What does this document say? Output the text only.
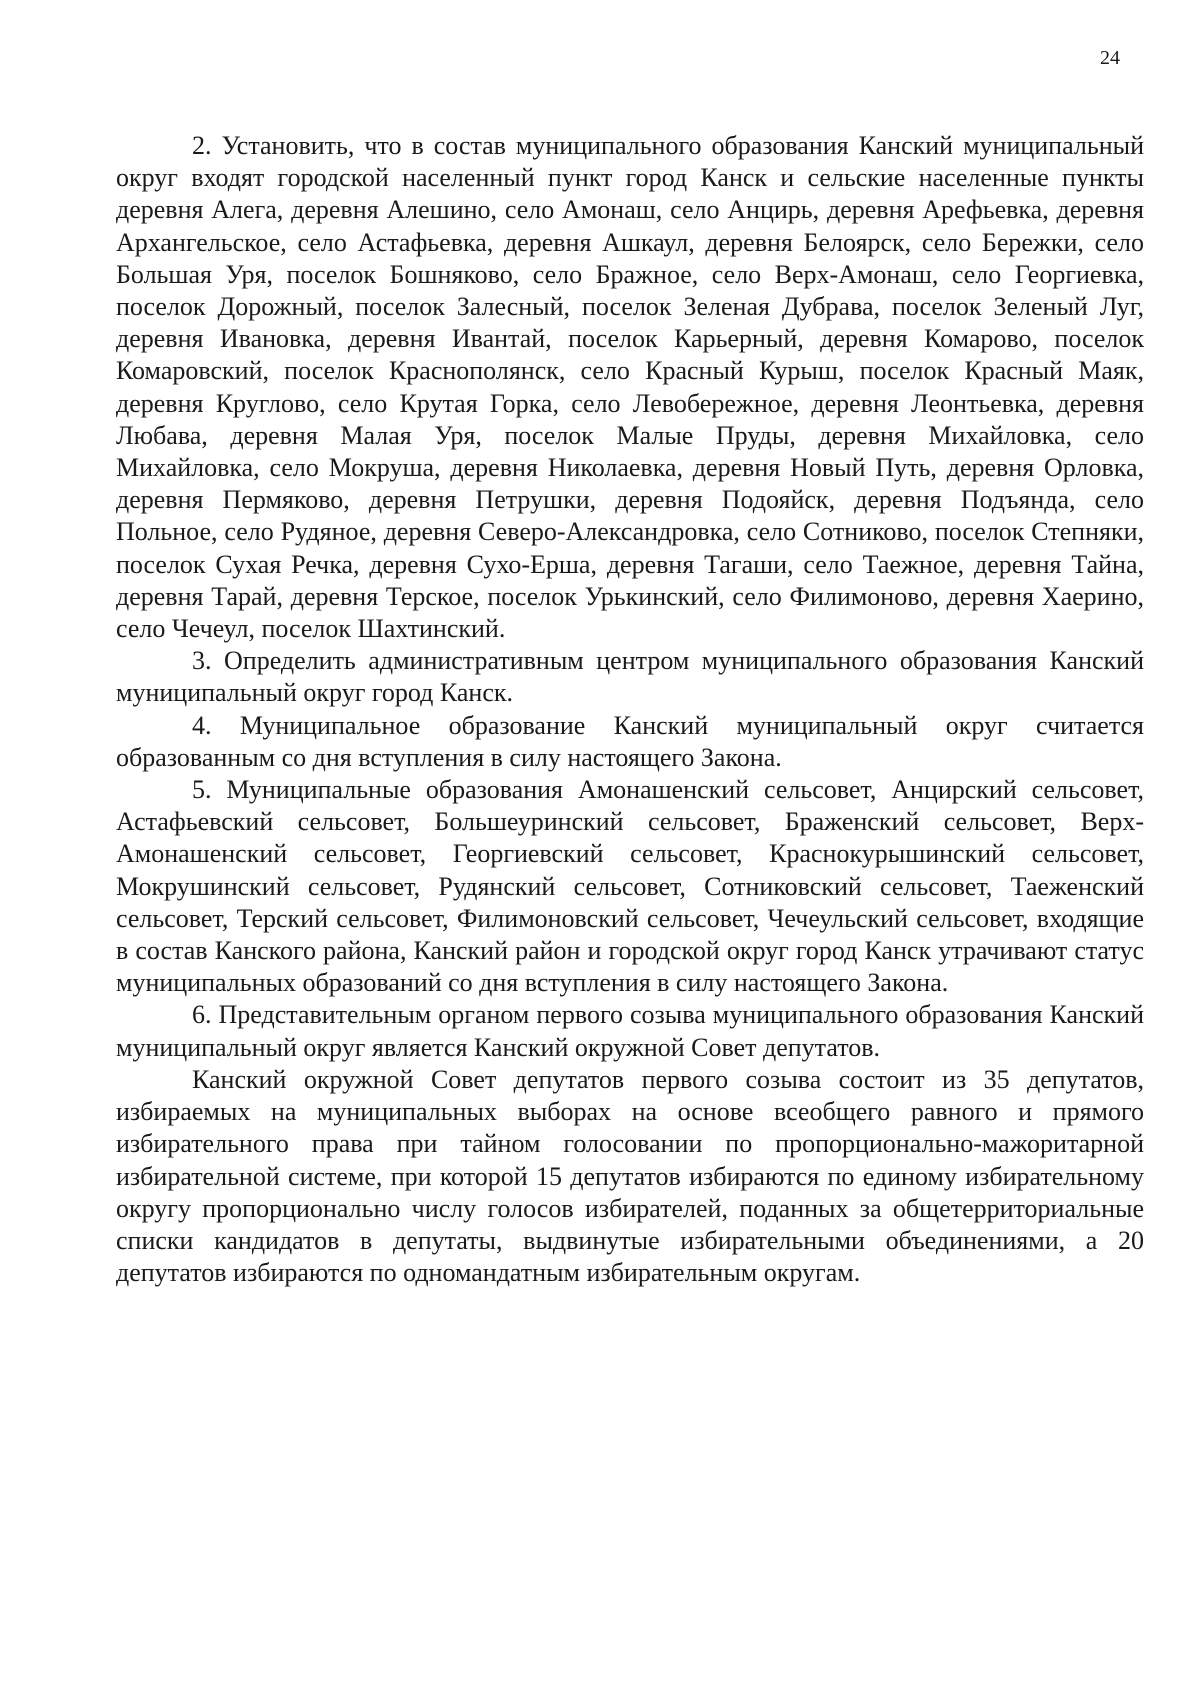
24

2. Установить, что в состав муниципального образования Канский муниципальный округ входят городской населенный пункт город Канск и сельские населенные пункты деревня Алега, деревня Алешино, село Амонаш, село Анцирь, деревня Арефьевка, деревня Архангельское, село Астафьевка, деревня Ашкаул, деревня Белоярск, село Бережки, село Большая Уря, поселок Бошняково, село Бражное, село Верх-Амонаш, село Георгиевка, поселок Дорожный, поселок Залесный, поселок Зеленая Дубрава, поселок Зеленый Луг, деревня Ивановка, деревня Ивантай, поселок Карьерный, деревня Комарово, поселок Комаровский, поселок Краснополянск, село Красный Курыш, поселок Красный Маяк, деревня Круглово, село Крутая Горка, село Левобережное, деревня Леонтьевка, деревня Любава, деревня Малая Уря, поселок Малые Пруды, деревня Михайловка, село Михайловка, село Мокруша, деревня Николаевка, деревня Новый Путь, деревня Орловка, деревня Пермяково, деревня Петрушки, деревня Подояйск, деревня Подъянда, село Польное, село Рудяное, деревня Северо-Александровка, село Сотниково, поселок Степняки, поселок Сухая Речка, деревня Сухо-Ерша, деревня Тагаши, село Таежное, деревня Тайна, деревня Тарай, деревня Терское, поселок Урькинский, село Филимоново, деревня Хаерино, село Чечеул, поселок Шахтинский.

3. Определить административным центром муниципального образования Канский муниципальный округ город Канск.

4. Муниципальное образование Канский муниципальный округ считается образованным со дня вступления в силу настоящего Закона.

5. Муниципальные образования Амонашенский сельсовет, Анцирский сельсовет, Астафьевский сельсовет, Большеуринский сельсовет, Браженский сельсовет, Верх-Амонашенский сельсовет, Георгиевский сельсовет, Краснокурышинский сельсовет, Мокрушинский сельсовет, Рудянский сельсовет, Сотниковский сельсовет, Таеженский сельсовет, Терский сельсовет, Филимоновский сельсовет, Чечеульский сельсовет, входящие в состав Канского района, Канский район и городской округ город Канск утрачивают статус муниципальных образований со дня вступления в силу настоящего Закона.

6. Представительным органом первого созыва муниципального образования Канский муниципальный округ является Канский окружной Совет депутатов.

Канский окружной Совет депутатов первого созыва состоит из 35 депутатов, избираемых на муниципальных выборах на основе всеобщего равного и прямого избирательного права при тайном голосовании по пропорционально-мажоритарной избирательной системе, при которой 15 депутатов избираются по единому избирательному округу пропорционально числу голосов избирателей, поданных за общетерриториальные списки кандидатов в депутаты, выдвинутые избирательными объединениями, а 20 депутатов избираются по одномандатным избирательным округам.
